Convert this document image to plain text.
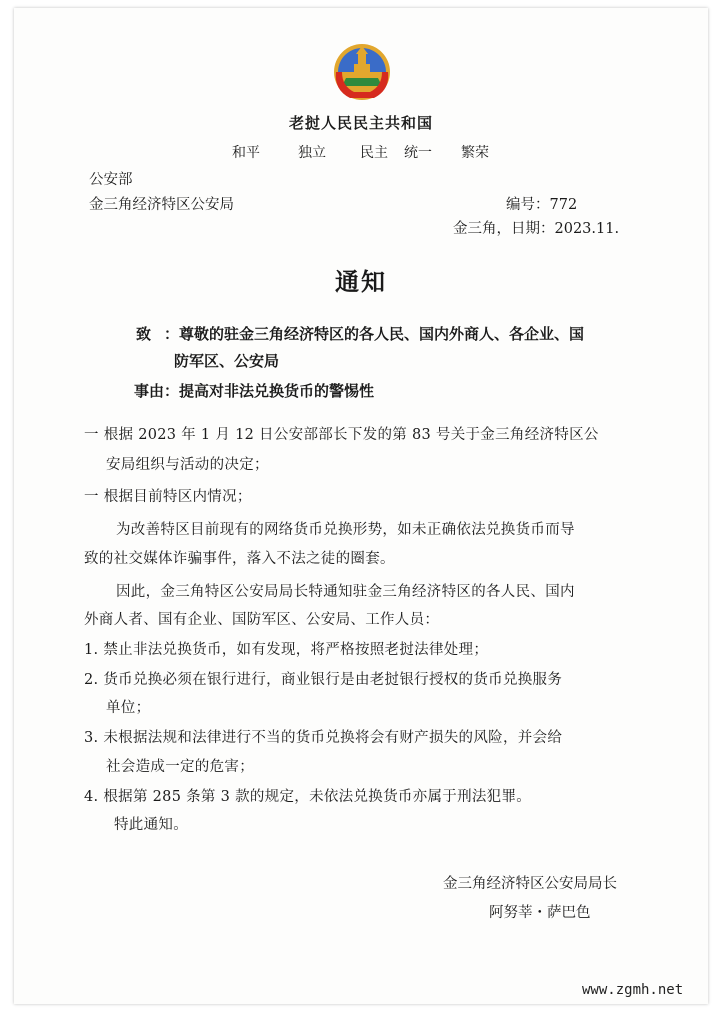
老挝人民民主共和国
和平	独立 民主 统一 繁荣
公安部
金三角经济特区公安局	编号：772
金三角，日期：2023.11.
通知
致 ：尊敬的驻金三角经济特区的各人民、国内外商人、各企业、国
防军区、公安局
事由：提高对非法兑换货币的警惕性
一 根据 2023 年 1 月 12 日公安部部长下发的第 83 号关于金三角经济特区公
安局组织与活动的决定；
一 根据目前特区内情况；
为改善特区目前现有的网络货币兑换形势，如未正确依法兑换货币而导
致的社交媒体诈骗事件，落入不法之徒的圈套。
因此，金三角特区公安局局长特通知驻金三角经济特区的各人民、国内
外商人者、国有企业、国防军区、公安局、工作人员：
1. 禁止非法兑换货币，如有发现，将严格按照老挝法律处理；
2. 货币兑换必须在银行进行，商业银行是由老挝银行授权的货币兑换服务
单位；
3. 未根据法规和法律进行不当的货币兑换将会有财产损失的风险，并会给
社会造成一定的危害；
4. 根据第 285 条第 3 款的规定，未依法兑换货币亦属于刑法犯罪。
特此通知。
金三角经济特区公安局局长
阿努莘・萨巴色
www.zgmh.net
